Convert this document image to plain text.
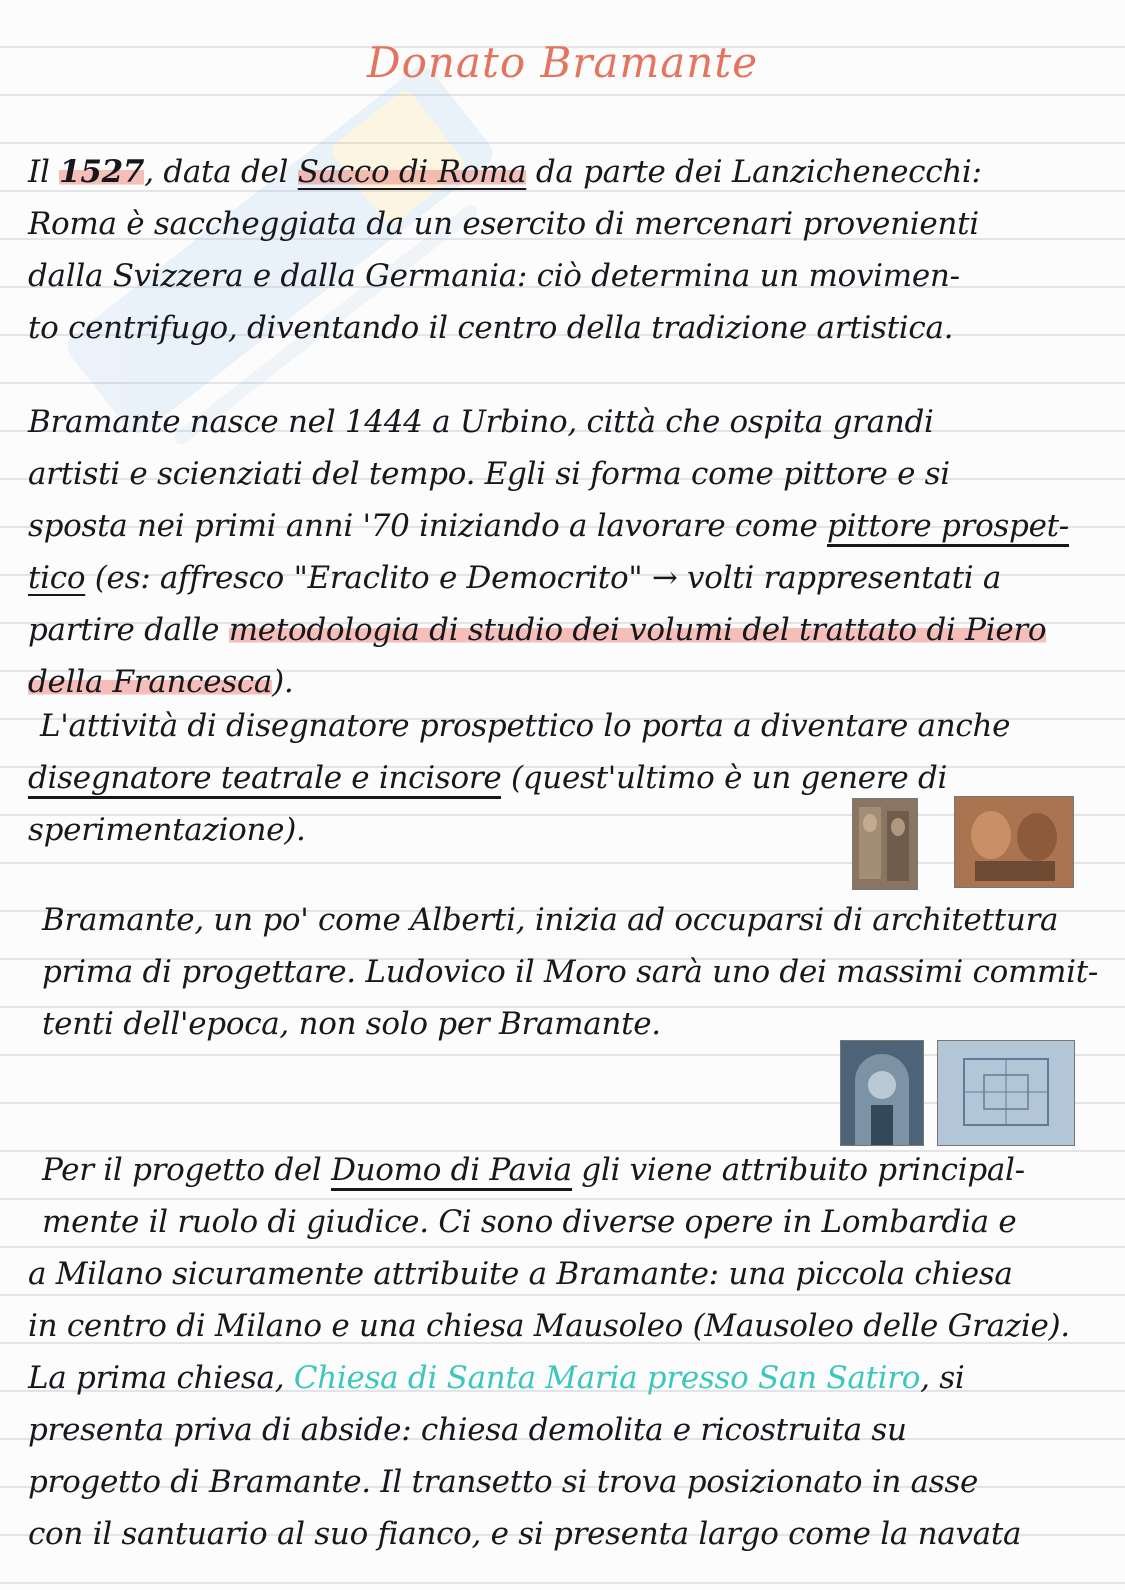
Donato Bramante
Il 1527, data del Sacco di Roma da parte dei Lanzichenecchi:
Roma è saccheggiata da un esercito di mercenari provenienti
dalla Svizzera e dalla Germania: ciò determina un movimen-
to centrifugo, diventando il centro della tradizione artistica.
Bramante nasce nel 1444 a Urbino, città che ospita grandi
artisti e scienziati del tempo. Egli si forma come pittore e si
sposta nei primi anni '70 iniziando a lavorare come pittore prospet-
tico (es: affresco "Eraclito e Democrito" → volti rappresentati a
partire dalle metodologia di studio dei volumi del trattato di Piero
della Francesca).
L'attività di disegnatore prospettico lo porta a diventare anche
disegnatore teatrale e incisore (quest'ultimo è un genere di
sperimentazione).
Bramante, un po' come Alberti, inizia ad occuparsi di architettura
prima di progettare. Ludovico il Moro sarà uno dei massimi commit-
tenti dell'epoca, non solo per Bramante.
Per il progetto del Duomo di Pavia gli viene attribuito principal-
mente il ruolo di giudice. Ci sono diverse opere in Lombardia e
a Milano sicuramente attribuite a Bramante: una piccola chiesa
in centro di Milano e una chiesa Mausoleo (Mausoleo delle Grazie).
La prima chiesa, Chiesa di Santa Maria presso San Satiro, si
presenta priva di abside: chiesa demolita e ricostruita su
progetto di Bramante. Il transetto si trova posizionato in asse
con il santuario al suo fianco, e si presenta largo come la navata
